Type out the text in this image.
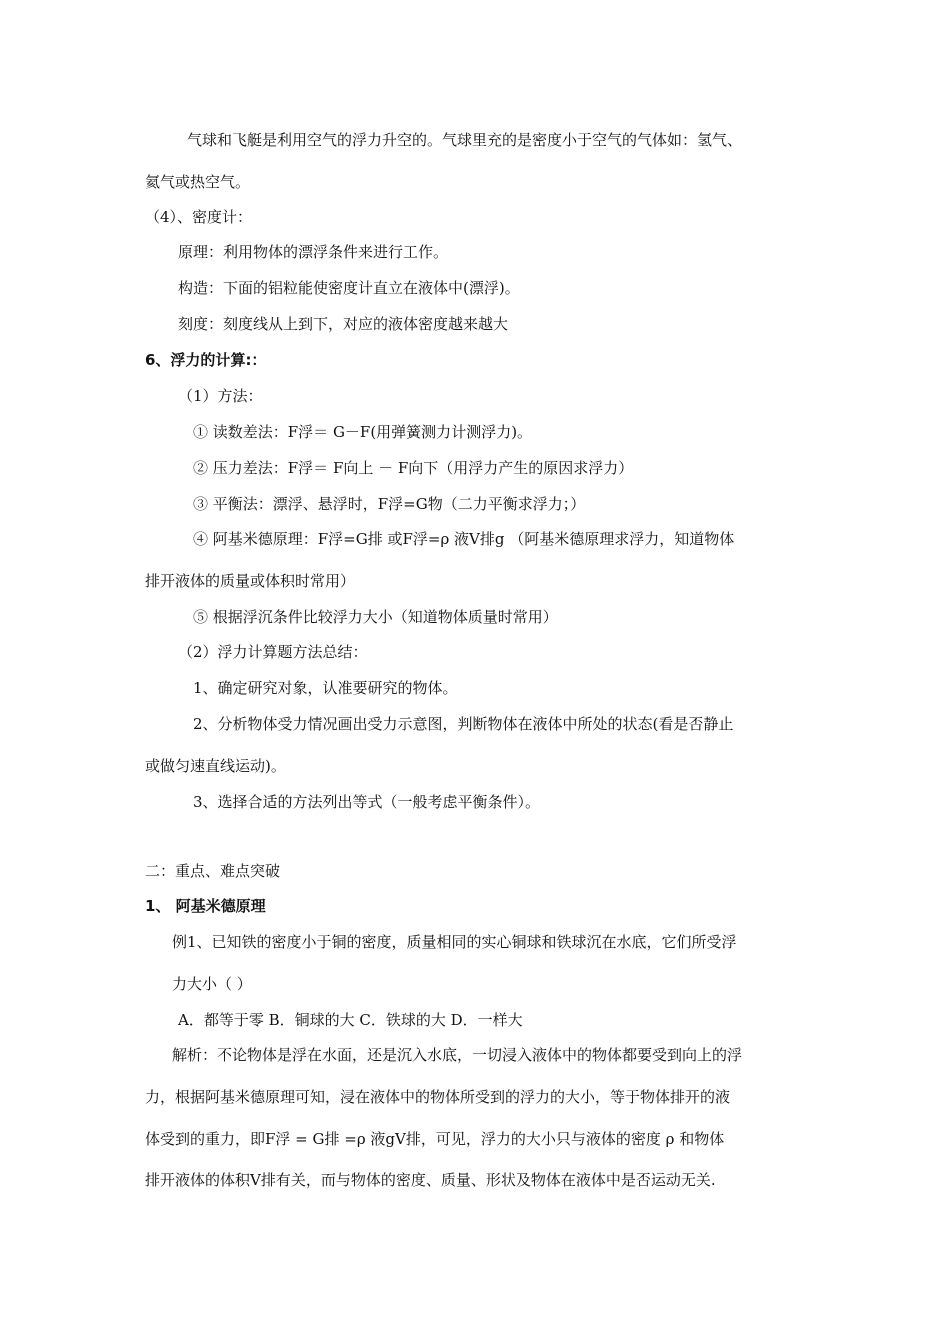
气球和飞艇是利用空气的浮力升空的。气球里充的是密度小于空气的气体如：氢气、
氦气或热空气。
（4）、密度计：
原理：利用物体的漂浮条件来进行工作。
构造：下面的铝粒能使密度计直立在液体中(漂浮)。
刻度：刻度线从上到下，对应的液体密度越来越大
6、浮力的计算:：
（1）方法：
① 读数差法：F浮＝ G－F(用弹簧测力计测浮力)。
② 压力差法：F浮＝ F向上 － F向下（用浮力产生的原因求浮力）
③ 平衡法：漂浮、悬浮时，F浮=G物（二力平衡求浮力；）
④ 阿基米德原理：F浮=G排 或F浮=ρ 液V排g （阿基米德原理求浮力，知道物体
排开液体的质量或体积时常用）
⑤ 根据浮沉条件比较浮力大小（知道物体质量时常用）
（2）浮力计算题方法总结：
1、确定研究对象，认准要研究的物体。
2、分析物体受力情况画出受力示意图，判断物体在液体中所处的状态(看是否静止
或做匀速直线运动)。
3、选择合适的方法列出等式（一般考虑平衡条件）。
二：重点、难点突破
1、 阿基米德原理
例1、已知铁的密度小于铜的密度，质量相同的实心铜球和铁球沉在水底，它们所受浮
力大小（ ）
A．都等于零 B．铜球的大 C．铁球的大 D．一样大
解析：不论物体是浮在水面，还是沉入水底，一切浸入液体中的物体都要受到向上的浮
力，根据阿基米德原理可知，浸在液体中的物体所受到的浮力的大小，等于物体排开的液
体受到的重力，即F浮 = G排 =ρ 液gV排，可见，浮力的大小只与液体的密度 ρ 和物体
排开液体的体积V排有关，而与物体的密度、质量、形状及物体在液体中是否运动无关.
